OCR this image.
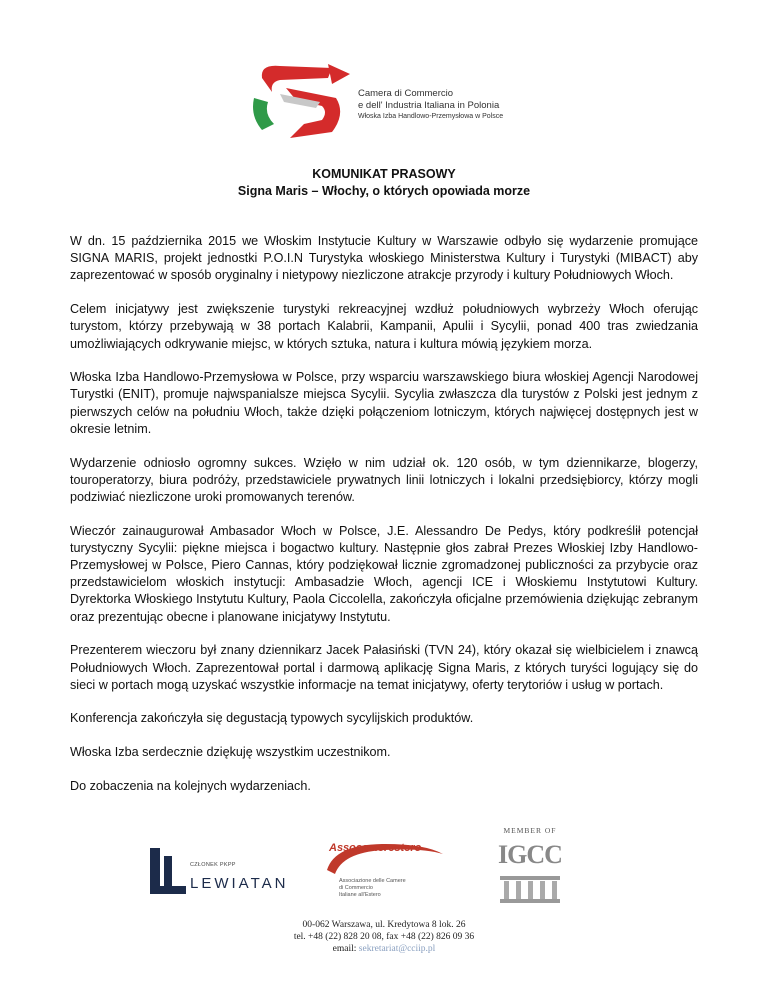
Camera di Commercio
e dell' Industria Italiana in Polonia
Włoska Izba Handlowo-Przemysłowa w Polsce
KOMUNIKAT PRASOWY
Signa Maris – Włochy, o których opowiada morze

W dn. 15 października 2015 we Włoskim Instytucie Kultury w Warszawie odbyło się wydarzenie promujące SIGNA MARIS, projekt jednostki P.O.I.N Turystyka włoskiego Ministerstwa Kultury i Turystyki (MIBACT) aby zaprezentować w sposób oryginalny i nietypowy niezliczone atrakcje przyrody i kultury Południowych Włoch.

Celem inicjatywy jest zwiększenie turystyki rekreacyjnej wzdłuż południowych wybrzeży Włoch oferując turystom, którzy przebywają w 38 portach Kalabrii, Kampanii, Apulii i Sycylii, ponad 400 tras zwiedzania umożliwiających odkrywanie miejsc, w których sztuka, natura i kultura mówią językiem morza.

Włoska Izba Handlowo-Przemysłowa w Polsce, przy wsparciu warszawskiego biura włoskiej Agencji Narodowej Turystki (ENIT), promuje najwspanialsze miejsca Sycylii. Sycylia zwłaszcza dla turystów z Polski jest jednym z pierwszych celów na południu Włoch, także dzięki połączeniom lotniczym, których najwięcej dostępnych jest w okresie letnim.

Wydarzenie odniosło ogromny sukces. Wzięło w nim udział ok. 120 osób, w tym dziennikarze, blogerzy, touroperatorzy, biura podróży, przedstawiciele prywatnych linii lotniczych i lokalni przedsiębiorcy, którzy mogli podziwiać niezliczone uroki promowanych terenów.

Wieczór zainaugurował Ambasador Włoch w Polsce, J.E. Alessandro De Pedys, który podkreślił potencjał turystyczny Sycylii: piękne miejsca i bogactwo kultury. Następnie głos zabrał Prezes Włoskiej Izby Handlowo-Przemysłowej w Polsce, Piero Cannas, który podziękował licznie zgromadzonej publiczności za przybycie oraz przedstawicielom włoskich instytucji: Ambasadzie Włoch, agencji ICE i Włoskiemu Instytutowi Kultury. Dyrektorka Włoskiego Instytutu Kultury, Paola Ciccolella, zakończyła oficjalne przemówienia dziękując zebranym oraz prezentując obecne i planowane inicjatywy Instytutu.

Prezenterem wieczoru był znany dziennikarz Jacek Pałasiński (TVN 24), który okazał się wielbicielem i znawcą Południowych Włoch. Zaprezentował portal i darmową aplikację Signa Maris, z których turyści logujący się do sieci w portach mogą uzyskać wszystkie informacje na temat inicjatywy, oferty terytoriów i usług w portach.

Konferencja zakończyła się degustacją typowych sycylijskich produktów.

Włoska Izba serdecznie dziękuję wszystkim uczestnikom.

Do zobaczenia na kolejnych wydarzeniach.

CZŁONEK PKPP
LEWIATAN
Assocamerestero
Associazione delle Camere
di Commercio
Italiane all'Estero
MEMBER OF
IGCC
00-062 Warszawa, ul. Kredytowa 8 lok. 26
tel. +48 (22) 828 20 08, fax +48 (22) 826 09 36
email: sekretariat@cciip.pl
